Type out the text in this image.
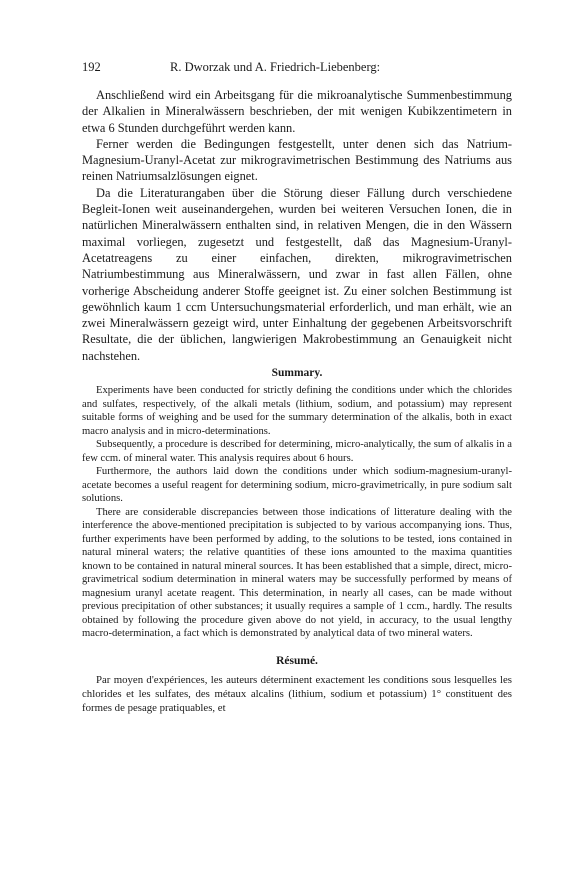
192	R. Dworzak und A. Friedrich-Liebenberg:

Anschließend wird ein Arbeitsgang für die mikroanalytische Summenbestimmung der Alkalien in Mineralwässern beschrieben, der mit wenigen Kubikzentimetern in etwa 6 Stunden durchgeführt werden kann.

Ferner werden die Bedingungen festgestellt, unter denen sich das Natrium-Magnesium-Uranyl-Acetat zur mikrogravimetrischen Bestimmung des Natriums aus reinen Natriumsalzlösungen eignet.

Da die Literaturangaben über die Störung dieser Fällung durch verschiedene Begleit-Ionen weit auseinandergehen, wurden bei weiteren Versuchen Ionen, die in natürlichen Mineralwässern enthalten sind, in relativen Mengen, die in den Wässern maximal vorliegen, zugesetzt und festgestellt, daß das Magnesium-Uranyl-Acetatreagens zu einer einfachen, direkten, mikrogravimetrischen Natriumbestimmung aus Mineralwässern, und zwar in fast allen Fällen, ohne vorherige Abscheidung anderer Stoffe geeignet ist. Zu einer solchen Bestimmung ist gewöhnlich kaum 1 ccm Untersuchungsmaterial erforderlich, und man erhält, wie an zwei Mineralwässern gezeigt wird, unter Einhaltung der gegebenen Arbeitsvorschrift Resultate, die der üblichen, langwierigen Makrobestimmung an Genauigkeit nicht nachstehen.

Summary.

Experiments have been conducted for strictly defining the conditions under which the chlorides and sulfates, respectively, of the alkali metals (lithium, sodium, and potassium) may represent suitable forms of weighing and be used for the summary determination of the alkalis, both in exact macro analysis and in micro-determinations.

Subsequently, a procedure is described for determining, micro-analytically, the sum of alkalis in a few ccm. of mineral water. This analysis requires about 6 hours.

Furthermore, the authors laid down the conditions under which sodium-magnesium-uranyl-acetate becomes a useful reagent for determining sodium, micro-gravimetrically, in pure sodium salt solutions.

There are considerable discrepancies between those indications of litterature dealing with the interference the above-mentioned precipitation is subjected to by various accompanying ions. Thus, further experiments have been performed by adding, to the solutions to be tested, ions contained in natural mineral waters; the relative quantities of these ions amounted to the maxima quantities known to be contained in natural mineral sources. It has been established that a simple, direct, micro-gravimetrical sodium determination in mineral waters may be successfully performed by means of magnesium uranyl acetate reagent. This determination, in nearly all cases, can be made without previous precipitation of other substances; it usually requires a sample of 1 ccm., hardly. The results obtained by following the procedure given above do not yield, in accuracy, to the usual lengthy macro-determination, a fact which is demonstrated by analytical data of two mineral waters.

Résumé.

Par moyen d'expériences, les auteurs déterminent exactement les conditions sous lesquelles les chlorides et les sulfates, des métaux alcalins (lithium, sodium et potassium) 1° constituent des formes de pesage pratiquables, et
